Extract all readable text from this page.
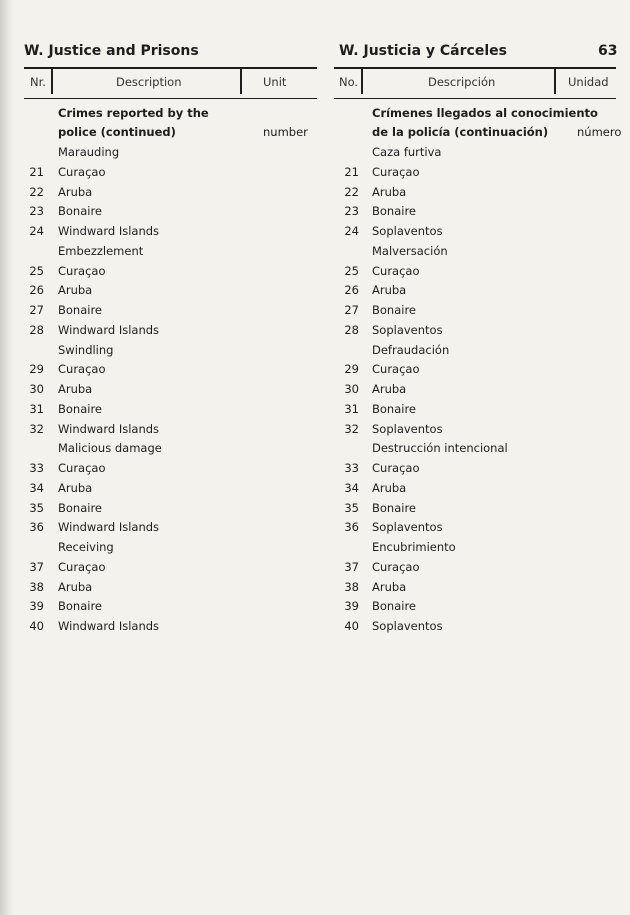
W. Justice and Prisons	W. Justicia y Cárceles	63
Nr.	Description	Unit	No.	Descripción	Unidad
Crimes reported by the
police (continued)	number
Crímenes llegados al conocimiento
de la policía (continuación)	número
Marauding
21 Curaçao
22 Aruba
23 Bonaire
24 Windward Islands
Embezzlement
25 Curaçao
26 Aruba
27 Bonaire
28 Windward Islands
Swindling
29 Curaçao
30 Aruba
31 Bonaire
32 Windward Islands
Malicious damage
33 Curaçao
34 Aruba
35 Bonaire
36 Windward Islands
Receiving
37 Curaçao
38 Aruba
39 Bonaire
40 Windward Islands
Caza furtiva
21 Curaçao
22 Aruba
23 Bonaire
24 Soplaventos
Malversación
25 Curaçao
26 Aruba
27 Bonaire
28 Soplaventos
Defraudación
29 Curaçao
30 Aruba
31 Bonaire
32 Soplaventos
Destrucción intencional
33 Curaçao
34 Aruba
35 Bonaire
36 Soplaventos
Encubrimiento
37 Curaçao
38 Aruba
39 Bonaire
40 Soplaventos
